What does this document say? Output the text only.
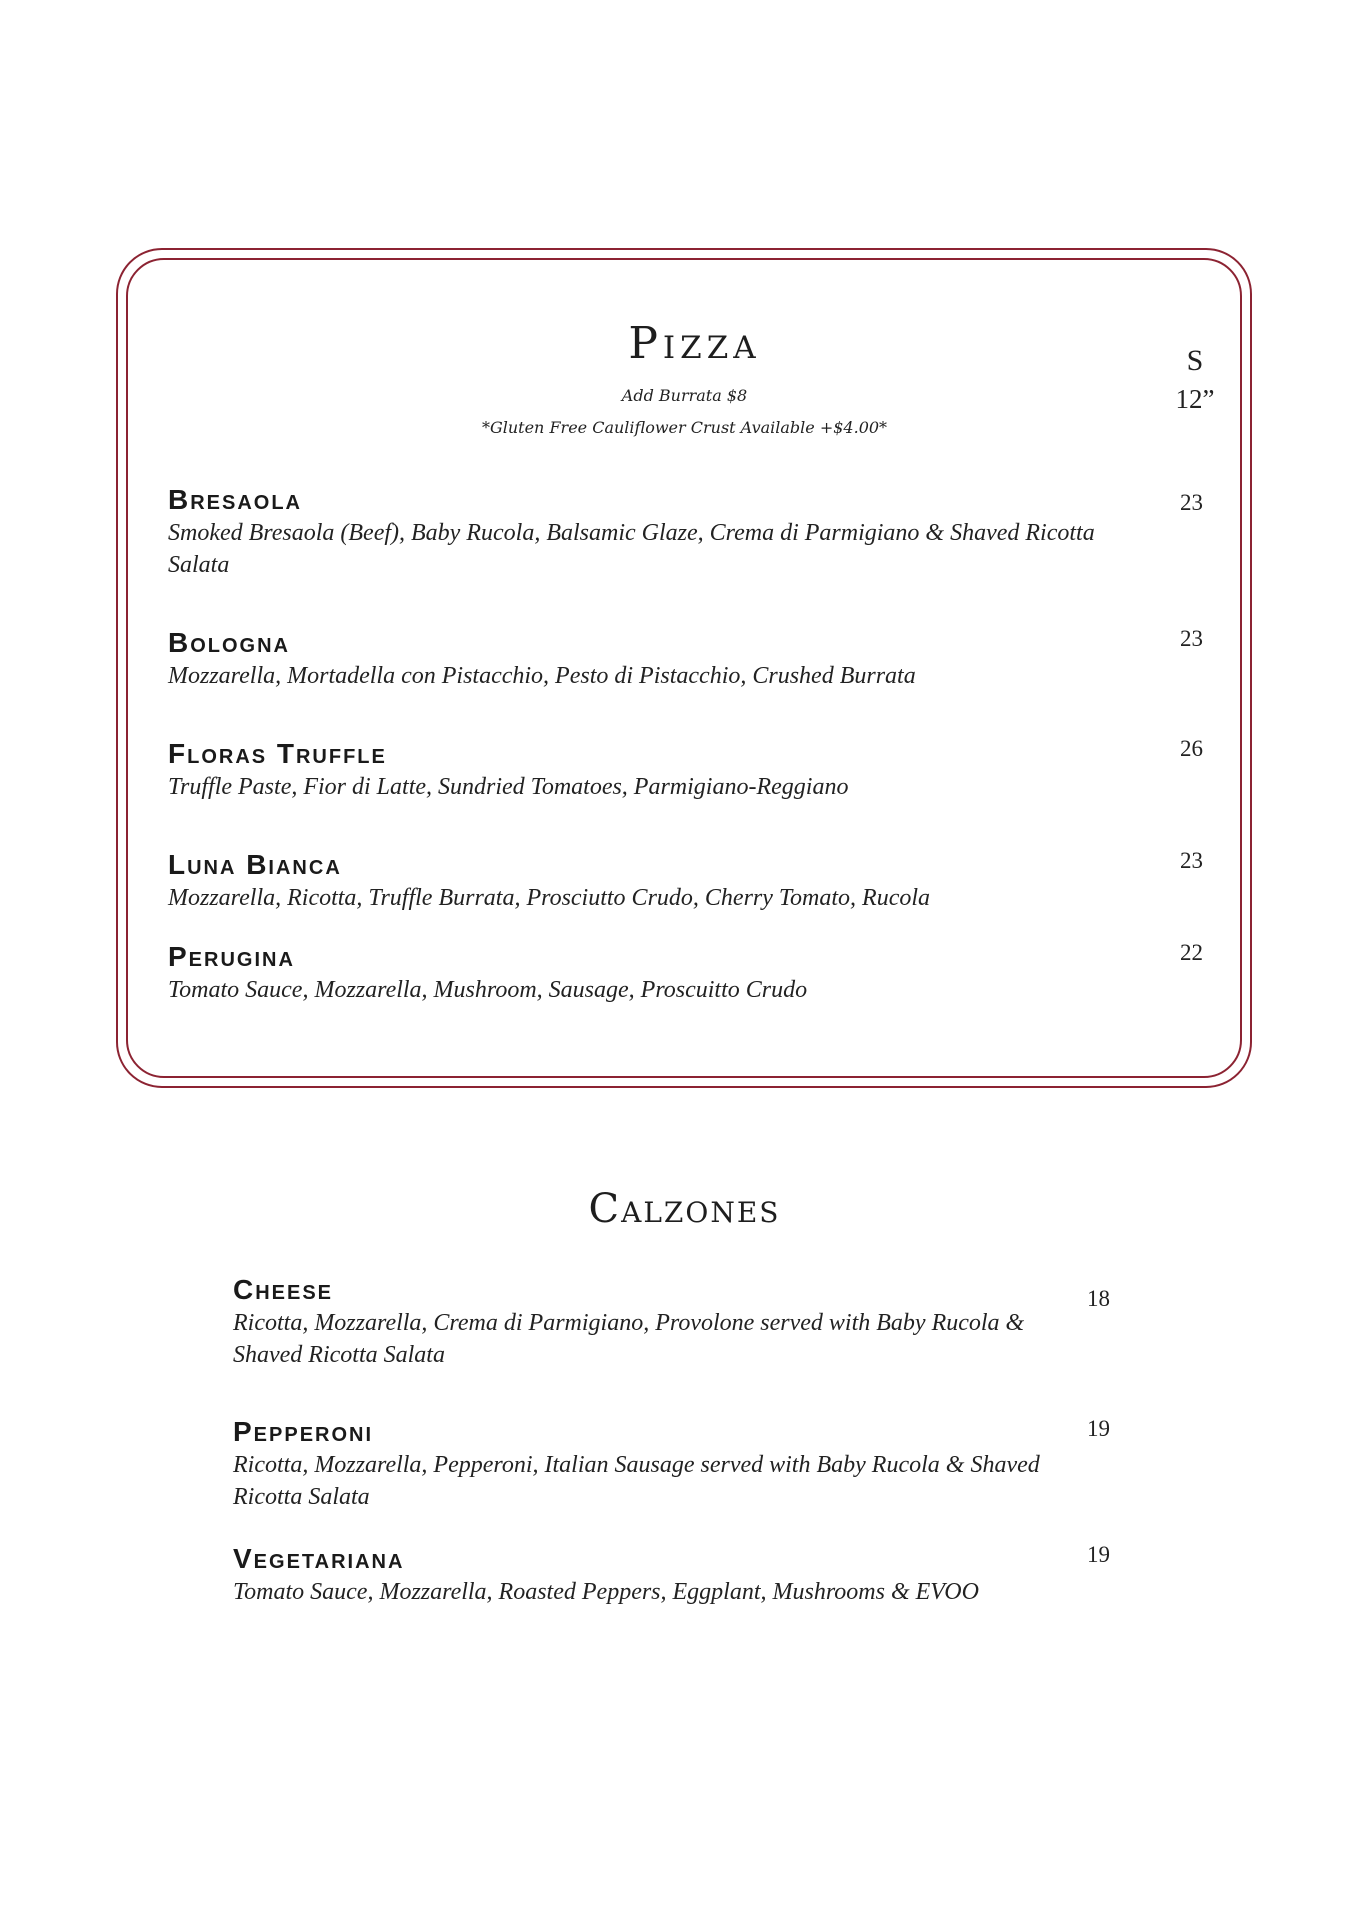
Pizza
Add Burrata $8
*Gluten Free Cauliflower Crust Available +$4.00*
S
12”
Bresaola
Smoked Bresaola (Beef), Baby Rucola, Balsamic Glaze, Crema di Parmigiano & Shaved Ricotta Salata
23
Bologna
Mozzarella, Mortadella con Pistacchio, Pesto di Pistacchio, Crushed Burrata
23
Floras Truffle
Truffle Paste, Fior di Latte, Sundried Tomatoes, Parmigiano-Reggiano
26
Luna Bianca
Mozzarella, Ricotta, Truffle Burrata, Prosciutto Crudo, Cherry Tomato, Rucola
23
Perugina
Tomato Sauce, Mozzarella, Mushroom, Sausage, Proscuitto Crudo
22
Calzones
Cheese
Ricotta, Mozzarella, Crema di Parmigiano, Provolone served with Baby Rucola & Shaved Ricotta Salata
18
Pepperoni
Ricotta, Mozzarella, Pepperoni, Italian Sausage served with Baby Rucola & Shaved Ricotta Salata
19
Vegetariana
Tomato Sauce, Mozzarella, Roasted Peppers, Eggplant, Mushrooms & EVOO
19
